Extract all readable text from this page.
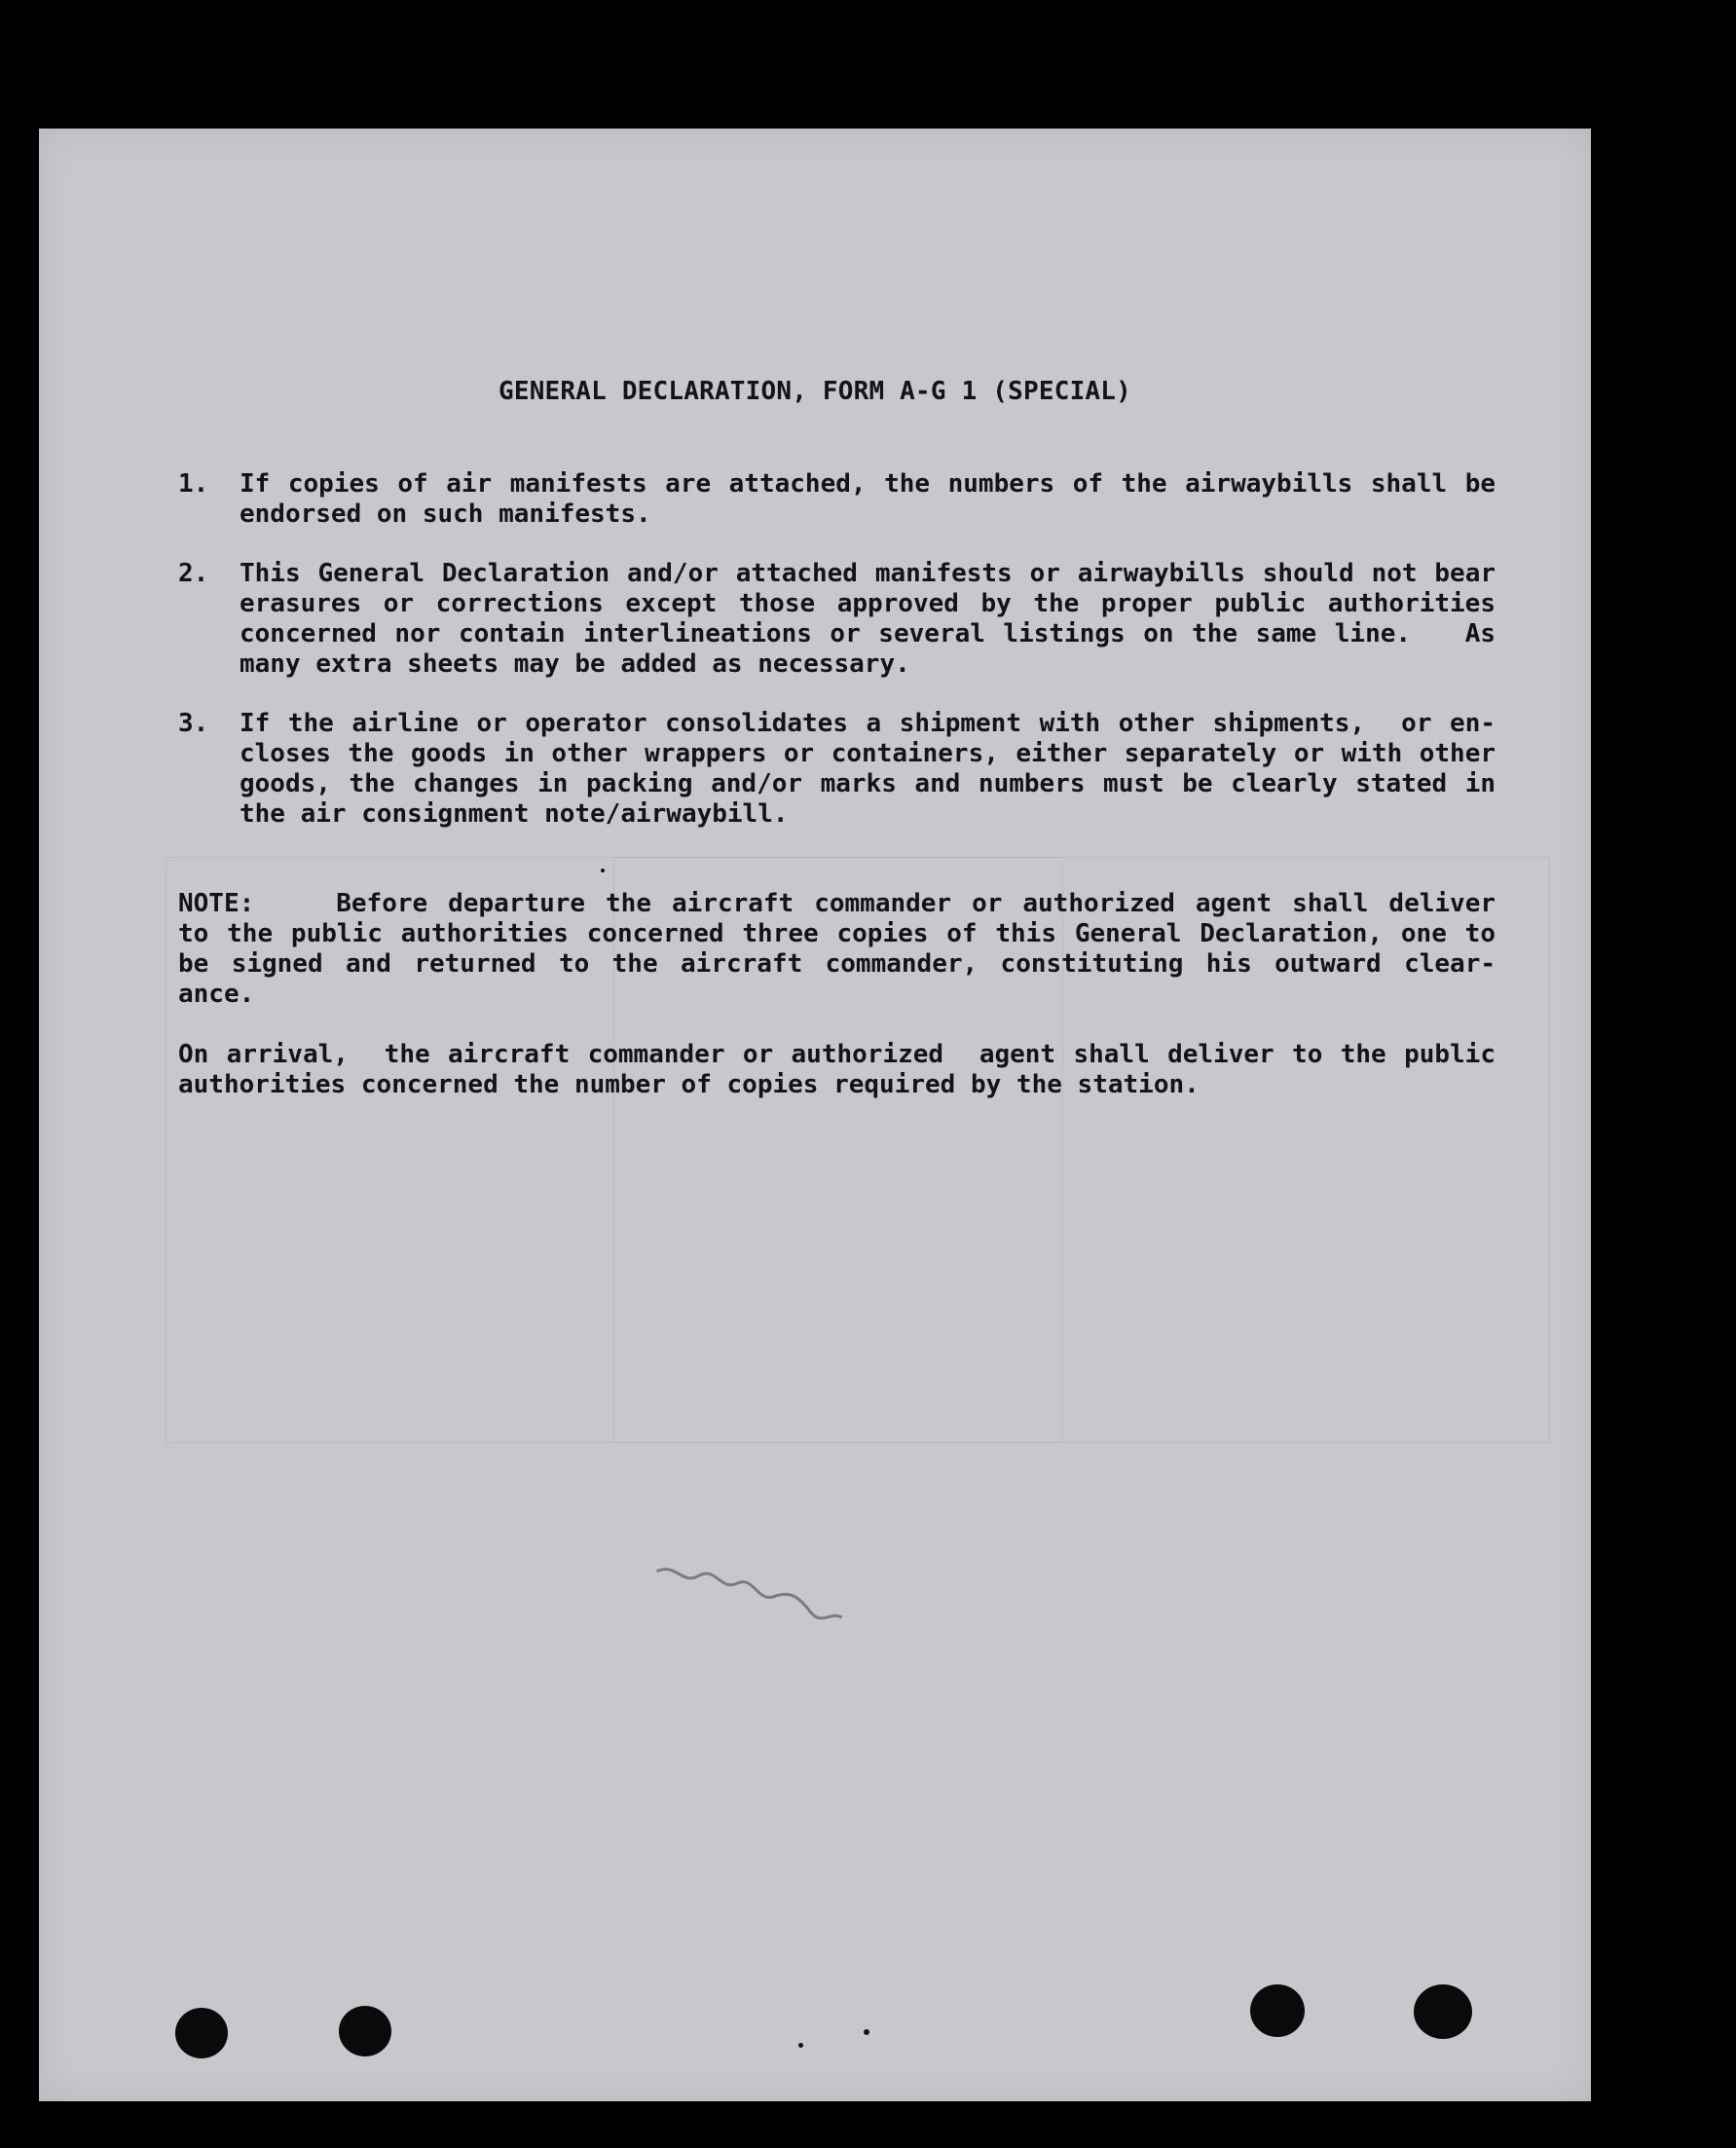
GENERAL DECLARATION, FORM A-G 1 (SPECIAL)
1.	If copies of air manifests are attached, the numbers of the airwaybills shall be
endorsed on such manifests.
2.	This General Declaration and/or attached manifests or airwaybills should not bear
erasures or corrections except those approved by the proper public authorities
concerned nor contain interlineations or several listings on the same line.   As
many extra sheets may be added as necessary.
3.	If the airline or operator consolidates a shipment with other shipments,  or en-
closes the goods in other wrappers or containers, either separately or with other
goods, the changes in packing and/or marks and numbers must be clearly stated in
the air consignment note/airwaybill.
NOTE:    Before departure the aircraft commander or authorized agent shall deliver
to the public authorities concerned three copies of this General Declaration, one to
be signed and returned to the aircraft commander, constituting his outward clear-
ance.
On arrival,  the aircraft commander or authorized  agent shall deliver to the public
authorities concerned the number of copies required by the station.
